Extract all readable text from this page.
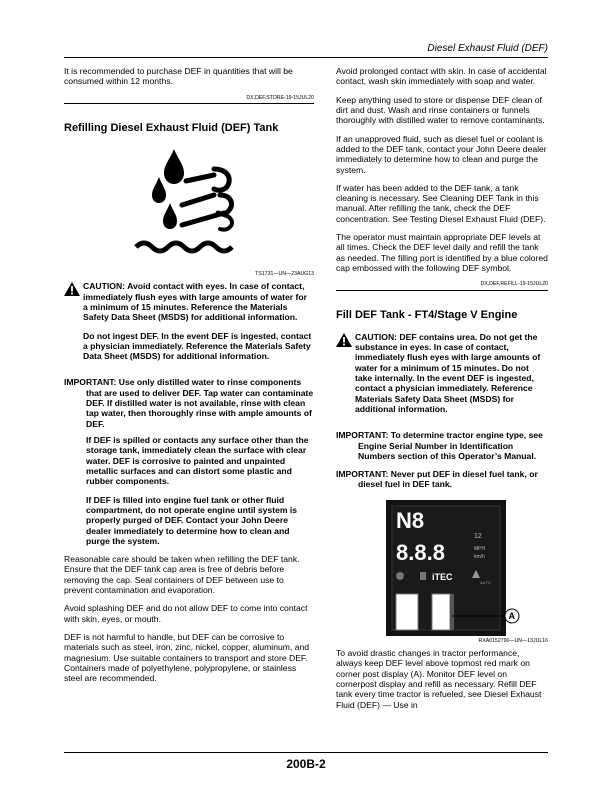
Diesel Exhaust Fluid (DEF)

It is recommended to purchase DEF in quantities that will be consumed within 12 months.

DX,DEF,STORE-19-15JUL20
Refilling Diesel Exhaust Fluid (DEF) Tank
TS1731—UN—23AUG13

CAUTION: Avoid contact with eyes. In case of contact, immediately flush eyes with large amounts of water for a minimum of 15 minutes. Reference the Materials Safety Data Sheet (MSDS) for additional information.

Do not ingest DEF. In the event DEF is ingested, contact a physician immediately. Reference the Materials Safety Data Sheet (MSDS) for additional information.

IMPORTANT: Use only distilled water to rinse components that are used to deliver DEF. Tap water can contaminate DEF. If distilled water is not available, rinse with clean tap water, then thoroughly rinse with ample amounts of DEF.

If DEF is spilled or contacts any surface other than the storage tank, immediately clean the surface with clear water. DEF is corrosive to painted and unpainted metallic surfaces and can distort some plastic and rubber components.

If DEF is filled into engine fuel tank or other fluid compartment, do not operate engine until system is properly purged of DEF. Contact your John Deere dealer immediately to determine how to clean and purge the system.

Reasonable care should be taken when refilling the DEF tank. Ensure that the DEF tank cap area is free of debris before removing the cap. Seal containers of DEF between use to prevent contamination and evaporation.

Avoid splashing DEF and do not allow DEF to come into contact with skin, eyes, or mouth.

DEF is not harmful to handle, but DEF can be corrosive to materials such as steel, iron, zinc, nickel, copper, aluminum, and magnesium. Use suitable containers to transport and store DEF. Containers made of polyethylene, polypropylene, or stainless steel are recommended.

Avoid prolonged contact with skin. In case of accidental contact, wash skin immediately with soap and water.

Keep anything used to store or dispense DEF clean of dirt and dust. Wash and rinse containers or funnels thoroughly with distilled water to remove contaminants.

If an unapproved fluid, such as diesel fuel or coolant is added to the DEF tank, contact your John Deere dealer immediately to determine how to clean and purge the system.

If water has been added to the DEF tank, a tank cleaning is necessary. See Cleaning DEF Tank in this manual. After refilling the tank, check the DEF concentration. See Testing Diesel Exhaust Fluid (DEF).

The operator must maintain appropriate DEF levels at all times. Check the DEF level daily and refill the tank as needed. The filling port is identified by a blue colored cap embossed with the following DEF symbol.

DX,DEF,REFILL-19-15JUL20
Fill DEF Tank - FT4/Stage V Engine

CAUTION: DEF contains urea. Do not get the substance in eyes. In case of contact, immediately flush eyes with large amounts of water for a minimum of 15 minutes. Do not take internally. In the event DEF is ingested, contact a physician immediately. Reference Materials Safety Data Sheet (MSDS) for additional information.

IMPORTANT: To determine tractor engine type, see Engine Serial Number in Identification Numbers section of this Operator’s Manual.
IMPORTANT: Never put DEF in diesel fuel tank, or diesel fuel in DEF tank.
N8
8.8.8
12
MPH
km/h
iTEC
AUTO
A
RXA0152790—UN—13JUL16

To avoid drastic changes in tractor performance, always keep DEF level above topmost red mark on corner post display (A). Monitor DEF level on cornerpost display and refill as necessary. Refill DEF tank every time tractor is refueled, see Diesel Exhaust Fluid (DEF) — Use in

200B-2
